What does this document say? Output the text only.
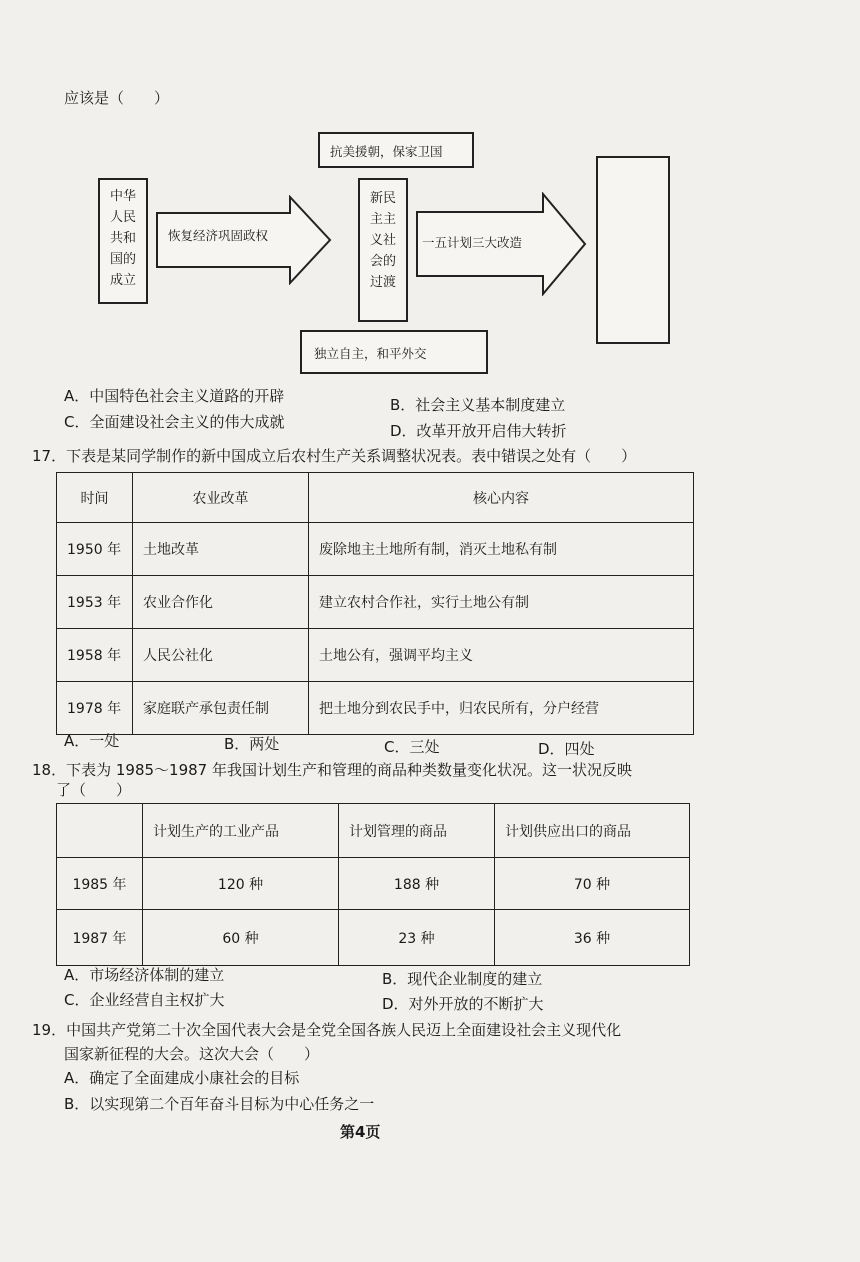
应该是（　　）
中华人民共和国的成立
恢复经济巩固政权
抗美援朝，保家卫国
新民主主义社会的过渡
一五计划三大改造
独立自主，和平外交
A．中国特色社会主义道路的开辟	B．社会主义基本制度建立
C．全面建设社会主义的伟大成就	D．改革开放开启伟大转折
17．下表是某同学制作的新中国成立后农村生产关系调整状况表。表中错误之处有（　　）
时间	农业改革	核心内容
1950 年	土地改革	废除地主土地所有制，消灭土地私有制
1953 年	农业合作化	建立农村合作社，实行土地公有制
1958 年	人民公社化	土地公有，强调平均主义
1978 年	家庭联产承包责任制	把土地分到农民手中，归农民所有，分户经营
A．一处	B．两处	C．三处	D．四处
18．下表为 1985～1987 年我国计划生产和管理的商品种类数量变化状况。这一状况反映
了（　　）
	计划生产的工业产品	计划管理的商品	计划供应出口的商品
1985 年	120 种	188 种	70 种
1987 年	60 种	23 种	36 种
A．市场经济体制的建立	B．现代企业制度的建立
C．企业经营自主权扩大	D．对外开放的不断扩大
19．中国共产党第二十次全国代表大会是全党全国各族人民迈上全面建设社会主义现代化
国家新征程的大会。这次大会（　　）
A．确定了全面建成小康社会的目标
B．以实现第二个百年奋斗目标为中心任务之一
第4页
